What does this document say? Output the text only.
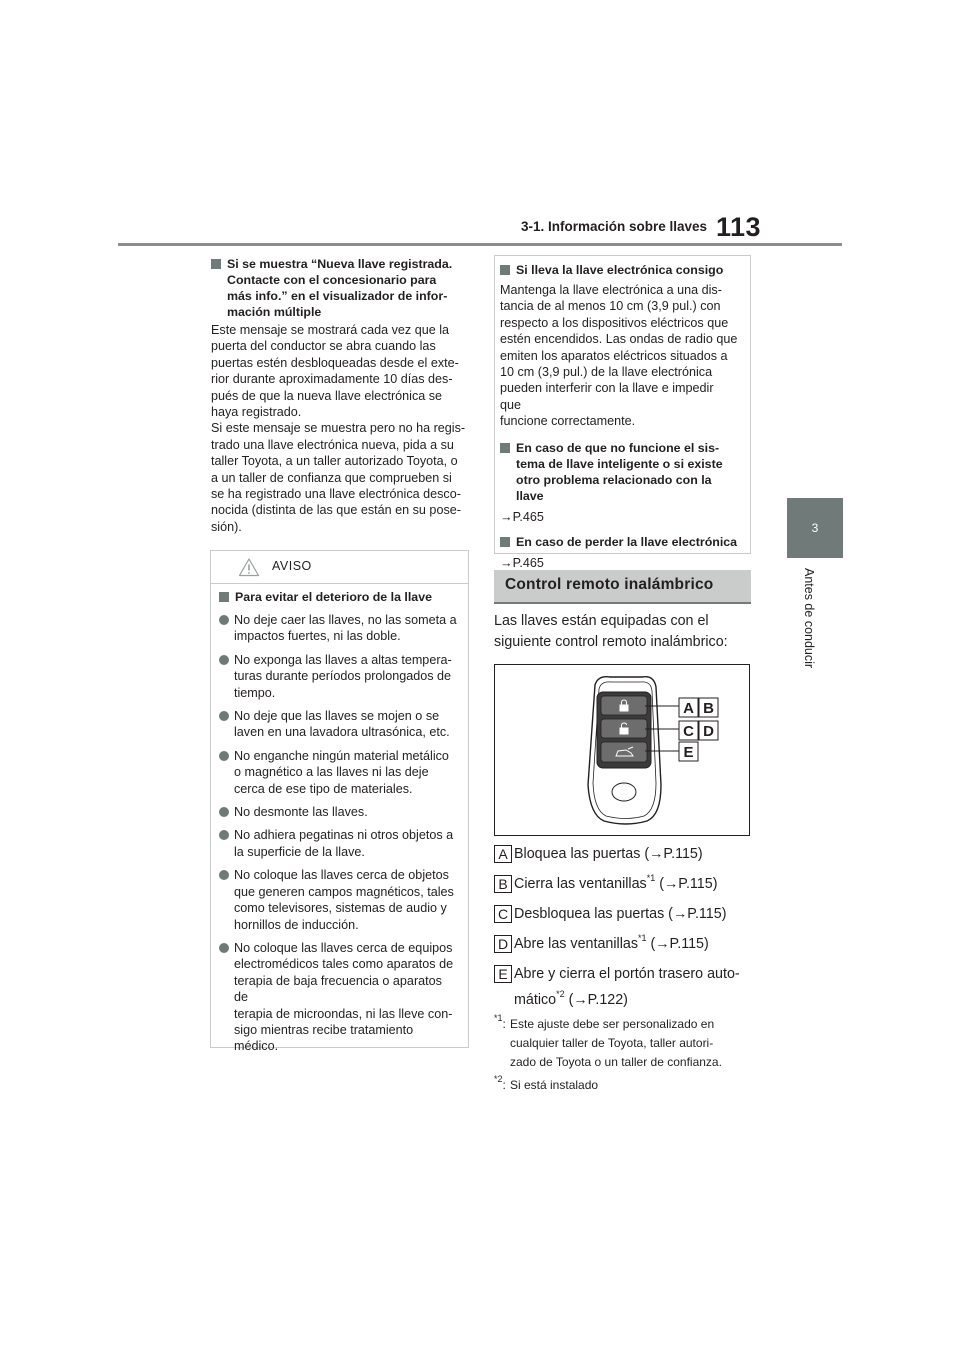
3-1. Información sobre llaves 113
3
Antes de conducir
Si se muestra “Nueva llave registrada.
Contacte con el concesionario para
más info.” en el visualizador de infor-
mación múltiple
Este mensaje se mostrará cada vez que la
puerta del conductor se abra cuando las
puertas estén desbloqueadas desde el exte-
rior durante aproximadamente 10 días des-
pués de que la nueva llave electrónica se
haya registrado.
Si este mensaje se muestra pero no ha regis-
trado una llave electrónica nueva, pida a su
taller Toyota, a un taller autorizado Toyota, o
a un taller de confianza que comprueben si
se ha registrado una llave electrónica desco-
nocida (distinta de las que están en su pose-
sión).
AVISO
Para evitar el deterioro de la llave
No deje caer las llaves, no las someta a
impactos fuertes, ni las doble.
No exponga las llaves a altas tempera-
turas durante períodos prolongados de
tiempo.
No deje que las llaves se mojen o se
laven en una lavadora ultrasónica, etc.
No enganche ningún material metálico
o magnético a las llaves ni las deje
cerca de ese tipo de materiales.
No desmonte las llaves.
No adhiera pegatinas ni otros objetos a
la superficie de la llave.
No coloque las llaves cerca de objetos
que generen campos magnéticos, tales
como televisores, sistemas de audio y
hornillos de inducción.
No coloque las llaves cerca de equipos
electromédicos tales como aparatos de
terapia de baja frecuencia o aparatos de
terapia de microondas, ni las lleve con-
sigo mientras recibe tratamiento
médico.
Si lleva la llave electrónica consigo
Mantenga la llave electrónica a una dis-
tancia de al menos 10 cm (3,9 pul.) con
respecto a los dispositivos eléctricos que
estén encendidos. Las ondas de radio que
emiten los aparatos eléctricos situados a
10 cm (3,9 pul.) de la llave electrónica
pueden interferir con la llave e impedir que
funcione correctamente.
En caso de que no funcione el sis-
tema de llave inteligente o si existe
otro problema relacionado con la
llave
→P.465
En caso de perder la llave electrónica
→P.465
Control remoto inalámbrico
Las llaves están equipadas con el
siguiente control remoto inalámbrico:
A B
C D
E
A Bloquea las puertas (→P.115)
B Cierra las ventanillas$^{*1}$ (→P.115)
C Desbloquea las puertas (→P.115)
D Abre las ventanillas$^{*1}$ (→P.115)
E Abre y cierra el portón trasero auto-
mático$^{*2}$ (→P.122)
$^{*1}$: Este ajuste debe ser personalizado en
cualquier taller de Toyota, taller autori-
zado de Toyota o un taller de confianza.
$^{*2}$: Si está instalado
